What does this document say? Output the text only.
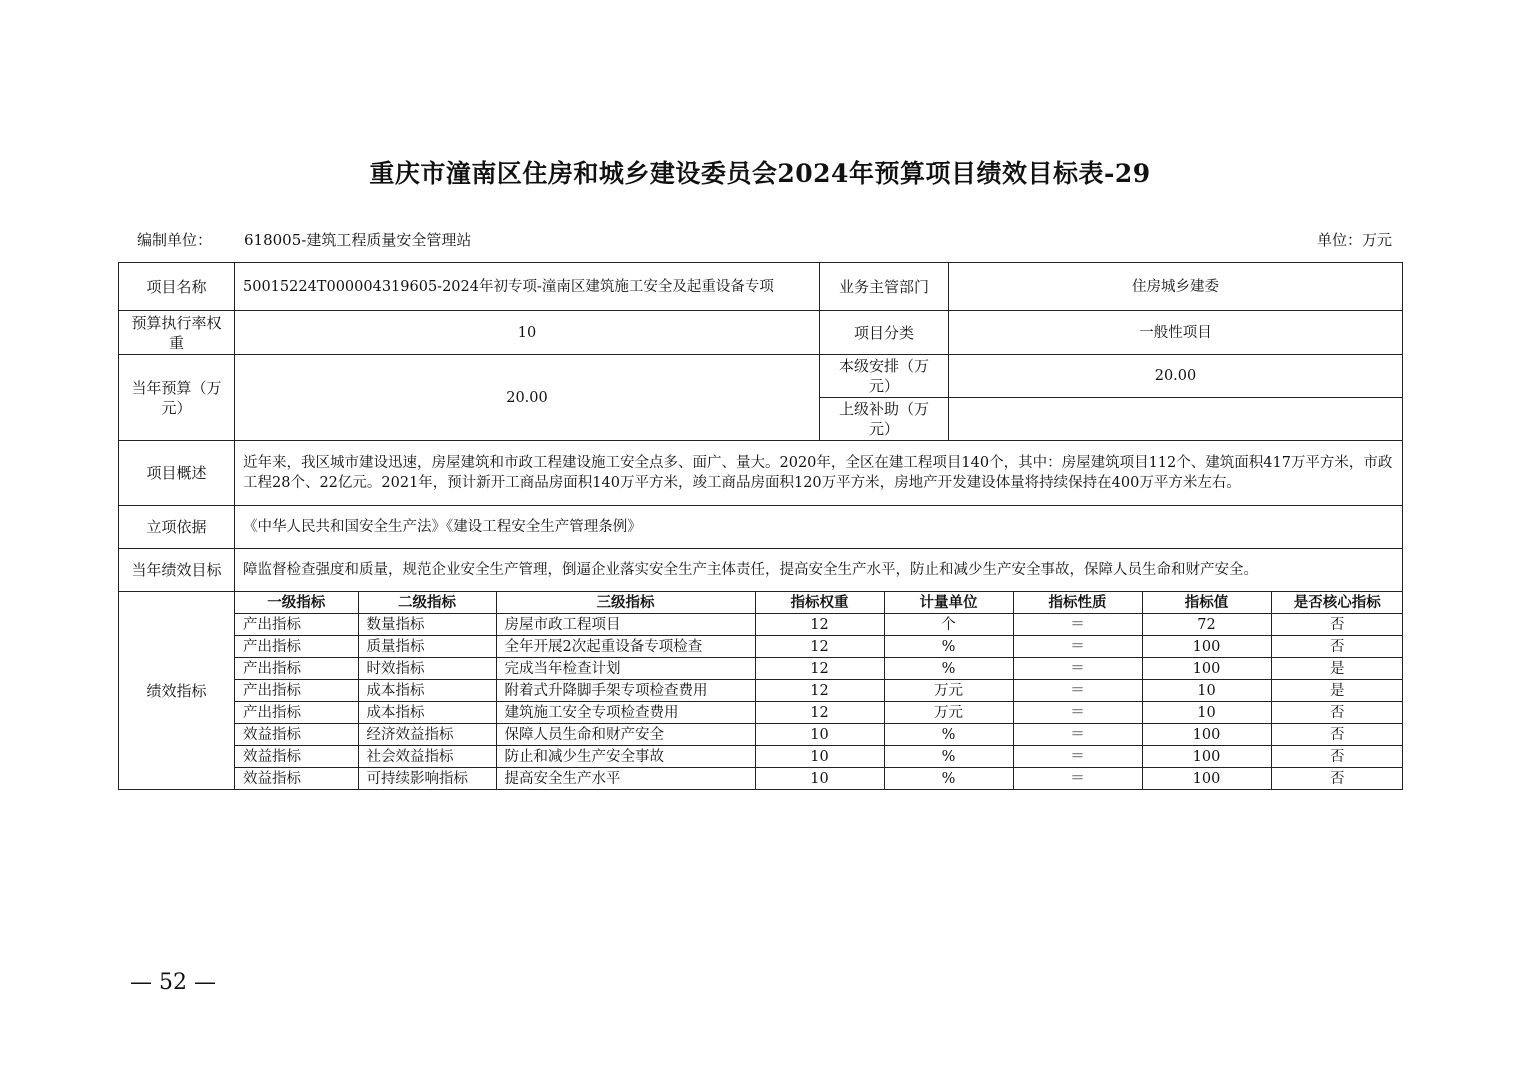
重庆市潼南区住房和城乡建设委员会2024年预算项目绩效目标表-29
编制单位： 618005-建筑工程质量安全管理站	单位：万元
项目名称	50015224T000004319605-2024年初专项-潼南区建筑施工安全及起重设备专项	业务主管部门	住房城乡建委
预算执行率权重	10	项目分类	一般性项目
当年预算（万元）	20.00	本级安排（万元）	20.00
上级补助（万元）	
项目概述	近年来，我区城市建设迅速，房屋建筑和市政工程建设施工安全点多、面广、量大。2020年，全区在建工程项目140个，其中：房屋建筑项目112个、建筑面积417万平方米，市政工程28个、22亿元。2021年，预计新开工商品房面积140万平方米，竣工商品房面积120万平方米，房地产开发建设体量将持续保持在400万平方米左右。
立项依据	《中华人民共和国安全生产法》《建设工程安全生产管理条例》
当年绩效目标	障监督检查强度和质量，规范企业安全生产管理，倒逼企业落实安全生产主体责任，提高安全生产水平，防止和减少生产安全事故，保障人员生命和财产安全。
绩效指标	
一级指标	二级指标	三级指标	指标权重	计量单位	指标性质	指标值	是否核心指标
产出指标	数量指标	房屋市政工程项目	12	个	＝	72	否
产出指标	质量指标	全年开展2次起重设备专项检查	12	%	＝	100	否
产出指标	时效指标	完成当年检查计划	12	%	＝	100	是
产出指标	成本指标	附着式升降脚手架专项检查费用	12	万元	＝	10	是
产出指标	成本指标	建筑施工安全专项检查费用	12	万元	＝	10	否
效益指标	经济效益指标	保障人员生命和财产安全	10	%	＝	100	否
效益指标	社会效益指标	防止和减少生产安全事故	10	%	＝	100	否
效益指标	可持续影响指标	提高安全生产水平	10	%	＝	100	否
— 52 —
